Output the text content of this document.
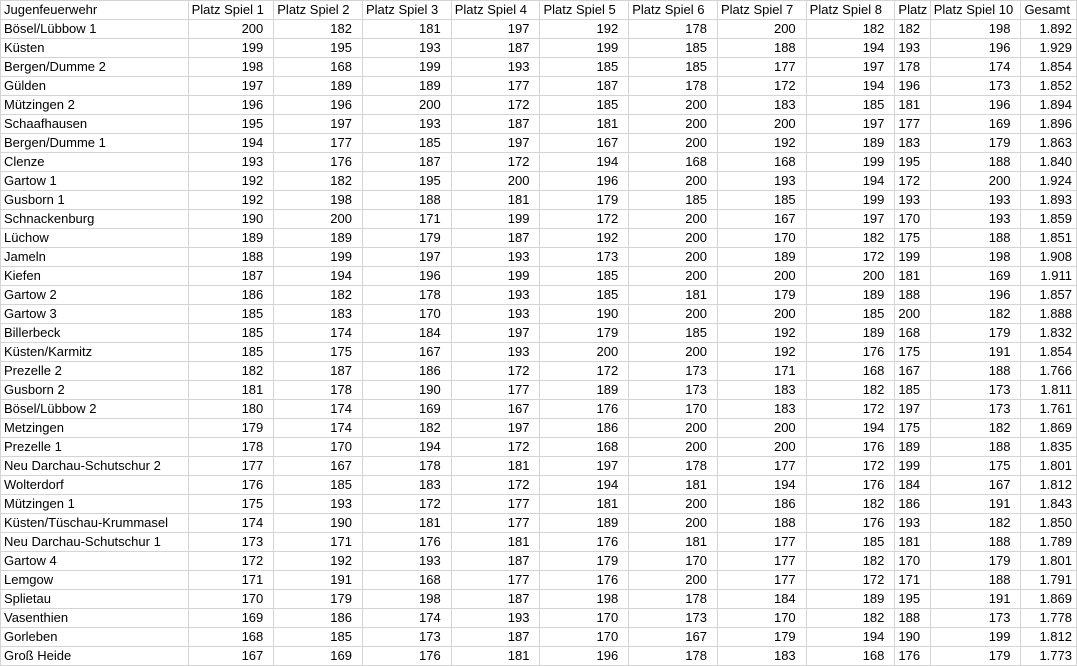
Jugenfeuerwehr	Platz Spiel 1	Platz Spiel 2	Platz Spiel 3	Platz Spiel 4	Platz Spiel 5	Platz Spiel 6	Platz Spiel 7	Platz Spiel 8	Platz	Platz Spiel 10	Gesamt
Bösel/Lübbow 1	200	182	181	197	192	178	200	182	182	198	1.892
Küsten	199	195	193	187	199	185	188	194	193	196	1.929
Bergen/Dumme 2	198	168	199	193	185	185	177	197	178	174	1.854
Gülden	197	189	189	177	187	178	172	194	196	173	1.852
Mützingen 2	196	196	200	172	185	200	183	185	181	196	1.894
Schaafhausen	195	197	193	187	181	200	200	197	177	169	1.896
Bergen/Dumme 1	194	177	185	197	167	200	192	189	183	179	1.863
Clenze	193	176	187	172	194	168	168	199	195	188	1.840
Gartow 1	192	182	195	200	196	200	193	194	172	200	1.924
Gusborn 1	192	198	188	181	179	185	185	199	193	193	1.893
Schnackenburg	190	200	171	199	172	200	167	197	170	193	1.859
Lüchow	189	189	179	187	192	200	170	182	175	188	1.851
Jameln	188	199	197	193	173	200	189	172	199	198	1.908
Kiefen	187	194	196	199	185	200	200	200	181	169	1.911
Gartow 2	186	182	178	193	185	181	179	189	188	196	1.857
Gartow 3	185	183	170	193	190	200	200	185	200	182	1.888
Billerbeck	185	174	184	197	179	185	192	189	168	179	1.832
Küsten/Karmitz	185	175	167	193	200	200	192	176	175	191	1.854
Prezelle 2	182	187	186	172	172	173	171	168	167	188	1.766
Gusborn 2	181	178	190	177	189	173	183	182	185	173	1.811
Bösel/Lübbow 2	180	174	169	167	176	170	183	172	197	173	1.761
Metzingen	179	174	182	197	186	200	200	194	175	182	1.869
Prezelle 1	178	170	194	172	168	200	200	176	189	188	1.835
Neu Darchau-Schutschur 2	177	167	178	181	197	178	177	172	199	175	1.801
Wolterdorf	176	185	183	172	194	181	194	176	184	167	1.812
Mützingen 1	175	193	172	177	181	200	186	182	186	191	1.843
Küsten/Tüschau-Krummasel	174	190	181	177	189	200	188	176	193	182	1.850
Neu Darchau-Schutschur 1	173	171	176	181	176	181	177	185	181	188	1.789
Gartow 4	172	192	193	187	179	170	177	182	170	179	1.801
Lemgow	171	191	168	177	176	200	177	172	171	188	1.791
Splietau	170	179	198	187	198	178	184	189	195	191	1.869
Vasenthien	169	186	174	193	170	173	170	182	188	173	1.778
Gorleben	168	185	173	187	170	167	179	194	190	199	1.812
Groß Heide	167	169	176	181	196	178	183	168	176	179	1.773
